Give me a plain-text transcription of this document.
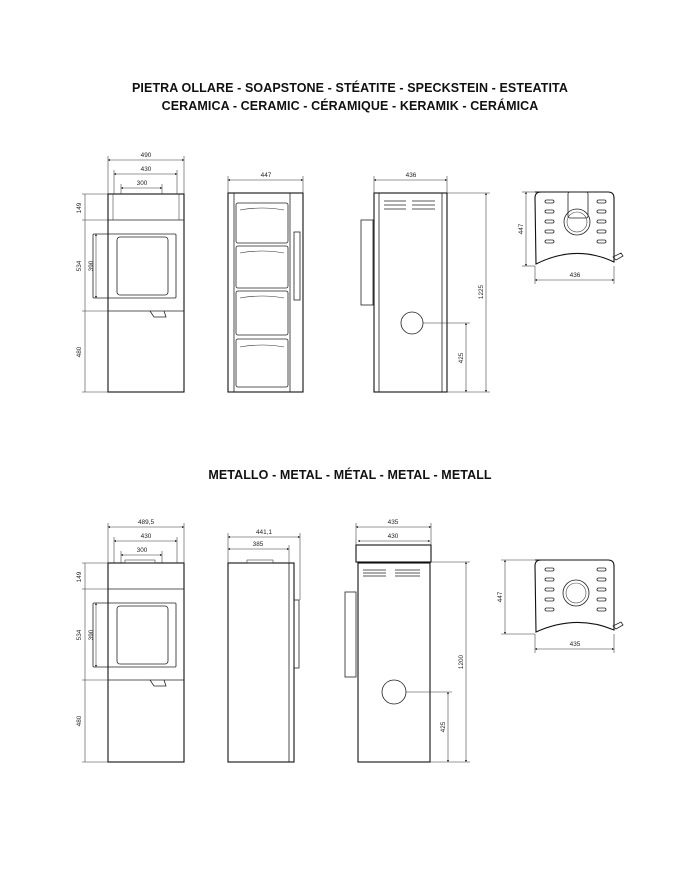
PIETRA OLLARE - SOAPSTONE - STÉATITE - SPECKSTEIN - ESTEATITA
CERAMICA - CERAMIC - CÉRAMIQUE - KERAMIK - CERÁMICA
METALLO - METAL - MÉTAL - METAL - METALL
490
430
300
149
534 390
480
447	436
1225
425
447
436
489,5
430
300
149
534 390
480
441,1
385
435
430
1200
425
447
435
